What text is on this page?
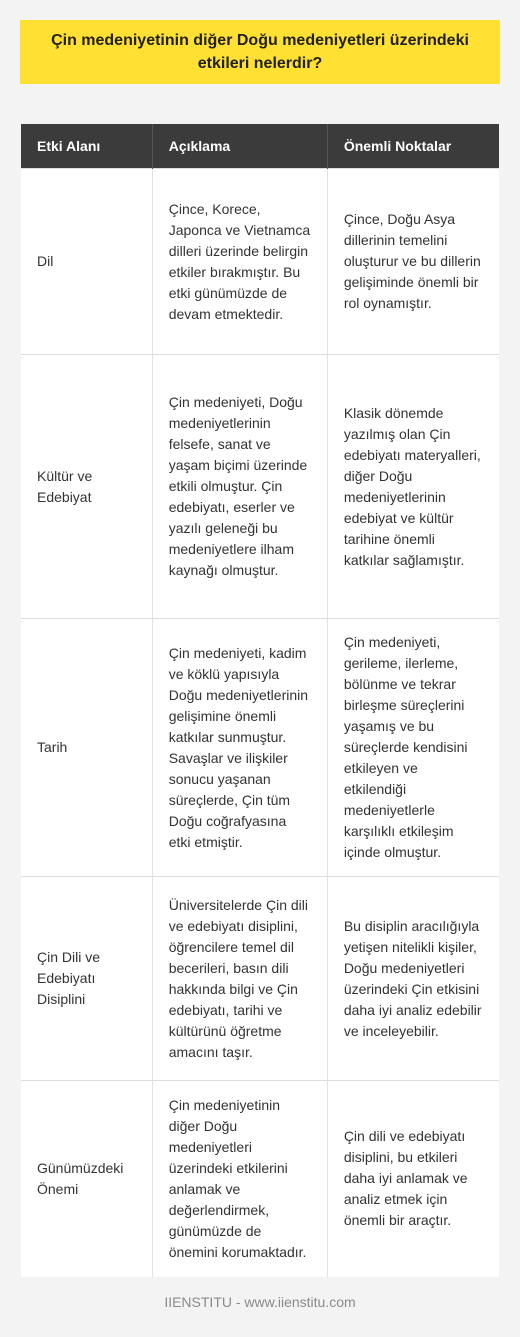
Çin medeniyetinin diğer Doğu medeniyetleri üzerindeki etkileri nelerdir?
Etki Alanı	Açıklama	Önemli Noktalar
Dil	Çince, Korece, Japonca ve Vietnamca dilleri üzerinde belirgin etkiler bırakmıştır. Bu etki günümüzde de devam etmektedir.	Çince, Doğu Asya dillerinin temelini oluşturur ve bu dillerin gelişiminde önemli bir rol oynamıştır.
Kültür ve Edebiyat	Çin medeniyeti, Doğu medeniyetlerinin felsefe, sanat ve yaşam biçimi üzerinde etkili olmuştur. Çin edebiyatı, eserler ve yazılı geleneği bu medeniyetlere ilham kaynağı olmuştur.	Klasik dönemde yazılmış olan Çin edebiyatı materyalleri, diğer Doğu medeniyetlerinin edebiyat ve kültür tarihine önemli katkılar sağlamıştır.
Tarih	Çin medeniyeti, kadim ve köklü yapısıyla Doğu medeniyetlerinin gelişimine önemli katkılar sunmuştur. Savaşlar ve ilişkiler sonucu yaşanan süreçlerde, Çin tüm Doğu coğrafyasına etki etmiştir.	Çin medeniyeti, gerileme, ilerleme, bölünme ve tekrar birleşme süreçlerini yaşamış ve bu süreçlerde kendisini etkileyen ve etkilendiği medeniyetlerle karşılıklı etkileşim içinde olmuştur.
Çin Dili ve Edebiyatı Disiplini	Üniversitelerde Çin dili ve edebiyatı disiplini, öğrencilere temel dil becerileri, basın dili hakkında bilgi ve Çin edebiyatı, tarihi ve kültürünü öğretme amacını taşır.	Bu disiplin aracılığıyla yetişen nitelikli kişiler, Doğu medeniyetleri üzerindeki Çin etkisini daha iyi analiz edebilir ve inceleyebilir.
Günümüzdeki Önemi	Çin medeniyetinin diğer Doğu medeniyetleri üzerindeki etkilerini anlamak ve değerlendirmek, günümüzde de önemini korumaktadır.	Çin dili ve edebiyatı disiplini, bu etkileri daha iyi anlamak ve analiz etmek için önemli bir araçtır.
IIENSTITU - www.iienstitu.com
